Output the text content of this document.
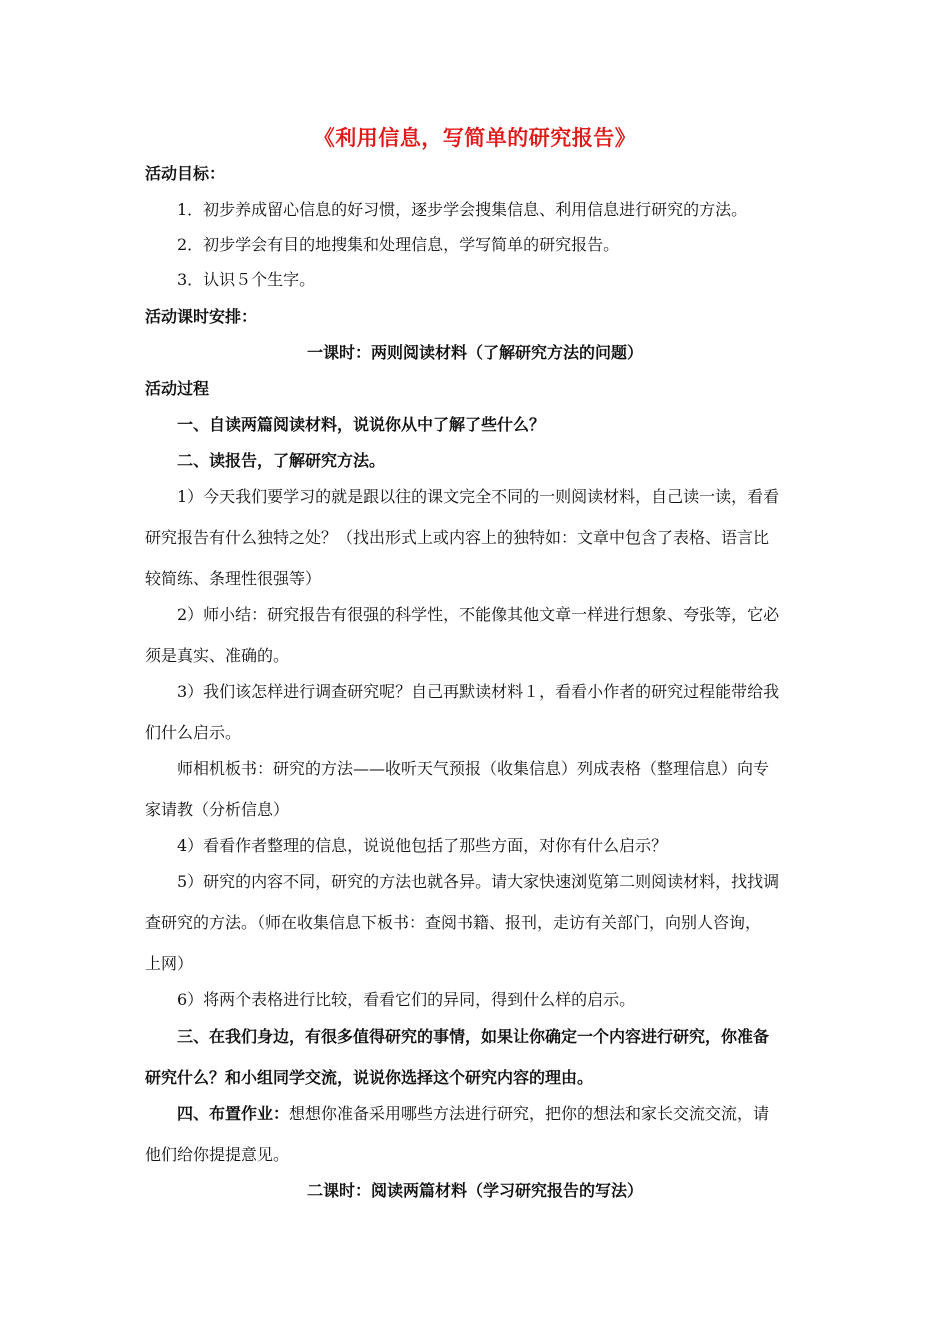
《利用信息，写简单的研究报告》
活动目标：
1．初步养成留心信息的好习惯，逐步学会搜集信息、利用信息进行研究的方法。
2．初步学会有目的地搜集和处理信息，学写简单的研究报告。
3．认识５个生字。
活动课时安排：
一课时：两则阅读材料（了解研究方法的问题）
活动过程
一、自读两篇阅读材料，说说你从中了解了些什么？
二、读报告，了解研究方法。
1）今天我们要学习的就是跟以往的课文完全不同的一则阅读材料，自己读一读，看看
研究报告有什么独特之处？（找出形式上或内容上的独特如：文章中包含了表格、语言比
较简练、条理性很强等）
2）师小结：研究报告有很强的科学性，不能像其他文章一样进行想象、夸张等，它必
须是真实、准确的。
3）我们该怎样进行调查研究呢？自己再默读材料１，看看小作者的研究过程能带给我
们什么启示。
师相机板书：研究的方法——收听天气预报（收集信息）列成表格（整理信息）向专
家请教（分析信息）
4）看看作者整理的信息，说说他包括了那些方面，对你有什么启示？
5）研究的内容不同，研究的方法也就各异。请大家快速浏览第二则阅读材料，找找调
查研究的方法。（师在收集信息下板书：查阅书籍、报刊，走访有关部门，向别人咨询，
上网）
6）将两个表格进行比较，看看它们的异同，得到什么样的启示。
三、在我们身边，有很多值得研究的事情，如果让你确定一个内容进行研究，你准备
研究什么？和小组同学交流，说说你选择这个研究内容的理由。
四、布置作业：想想你准备采用哪些方法进行研究，把你的想法和家长交流交流，请
他们给你提提意见。
二课时：阅读两篇材料（学习研究报告的写法）
